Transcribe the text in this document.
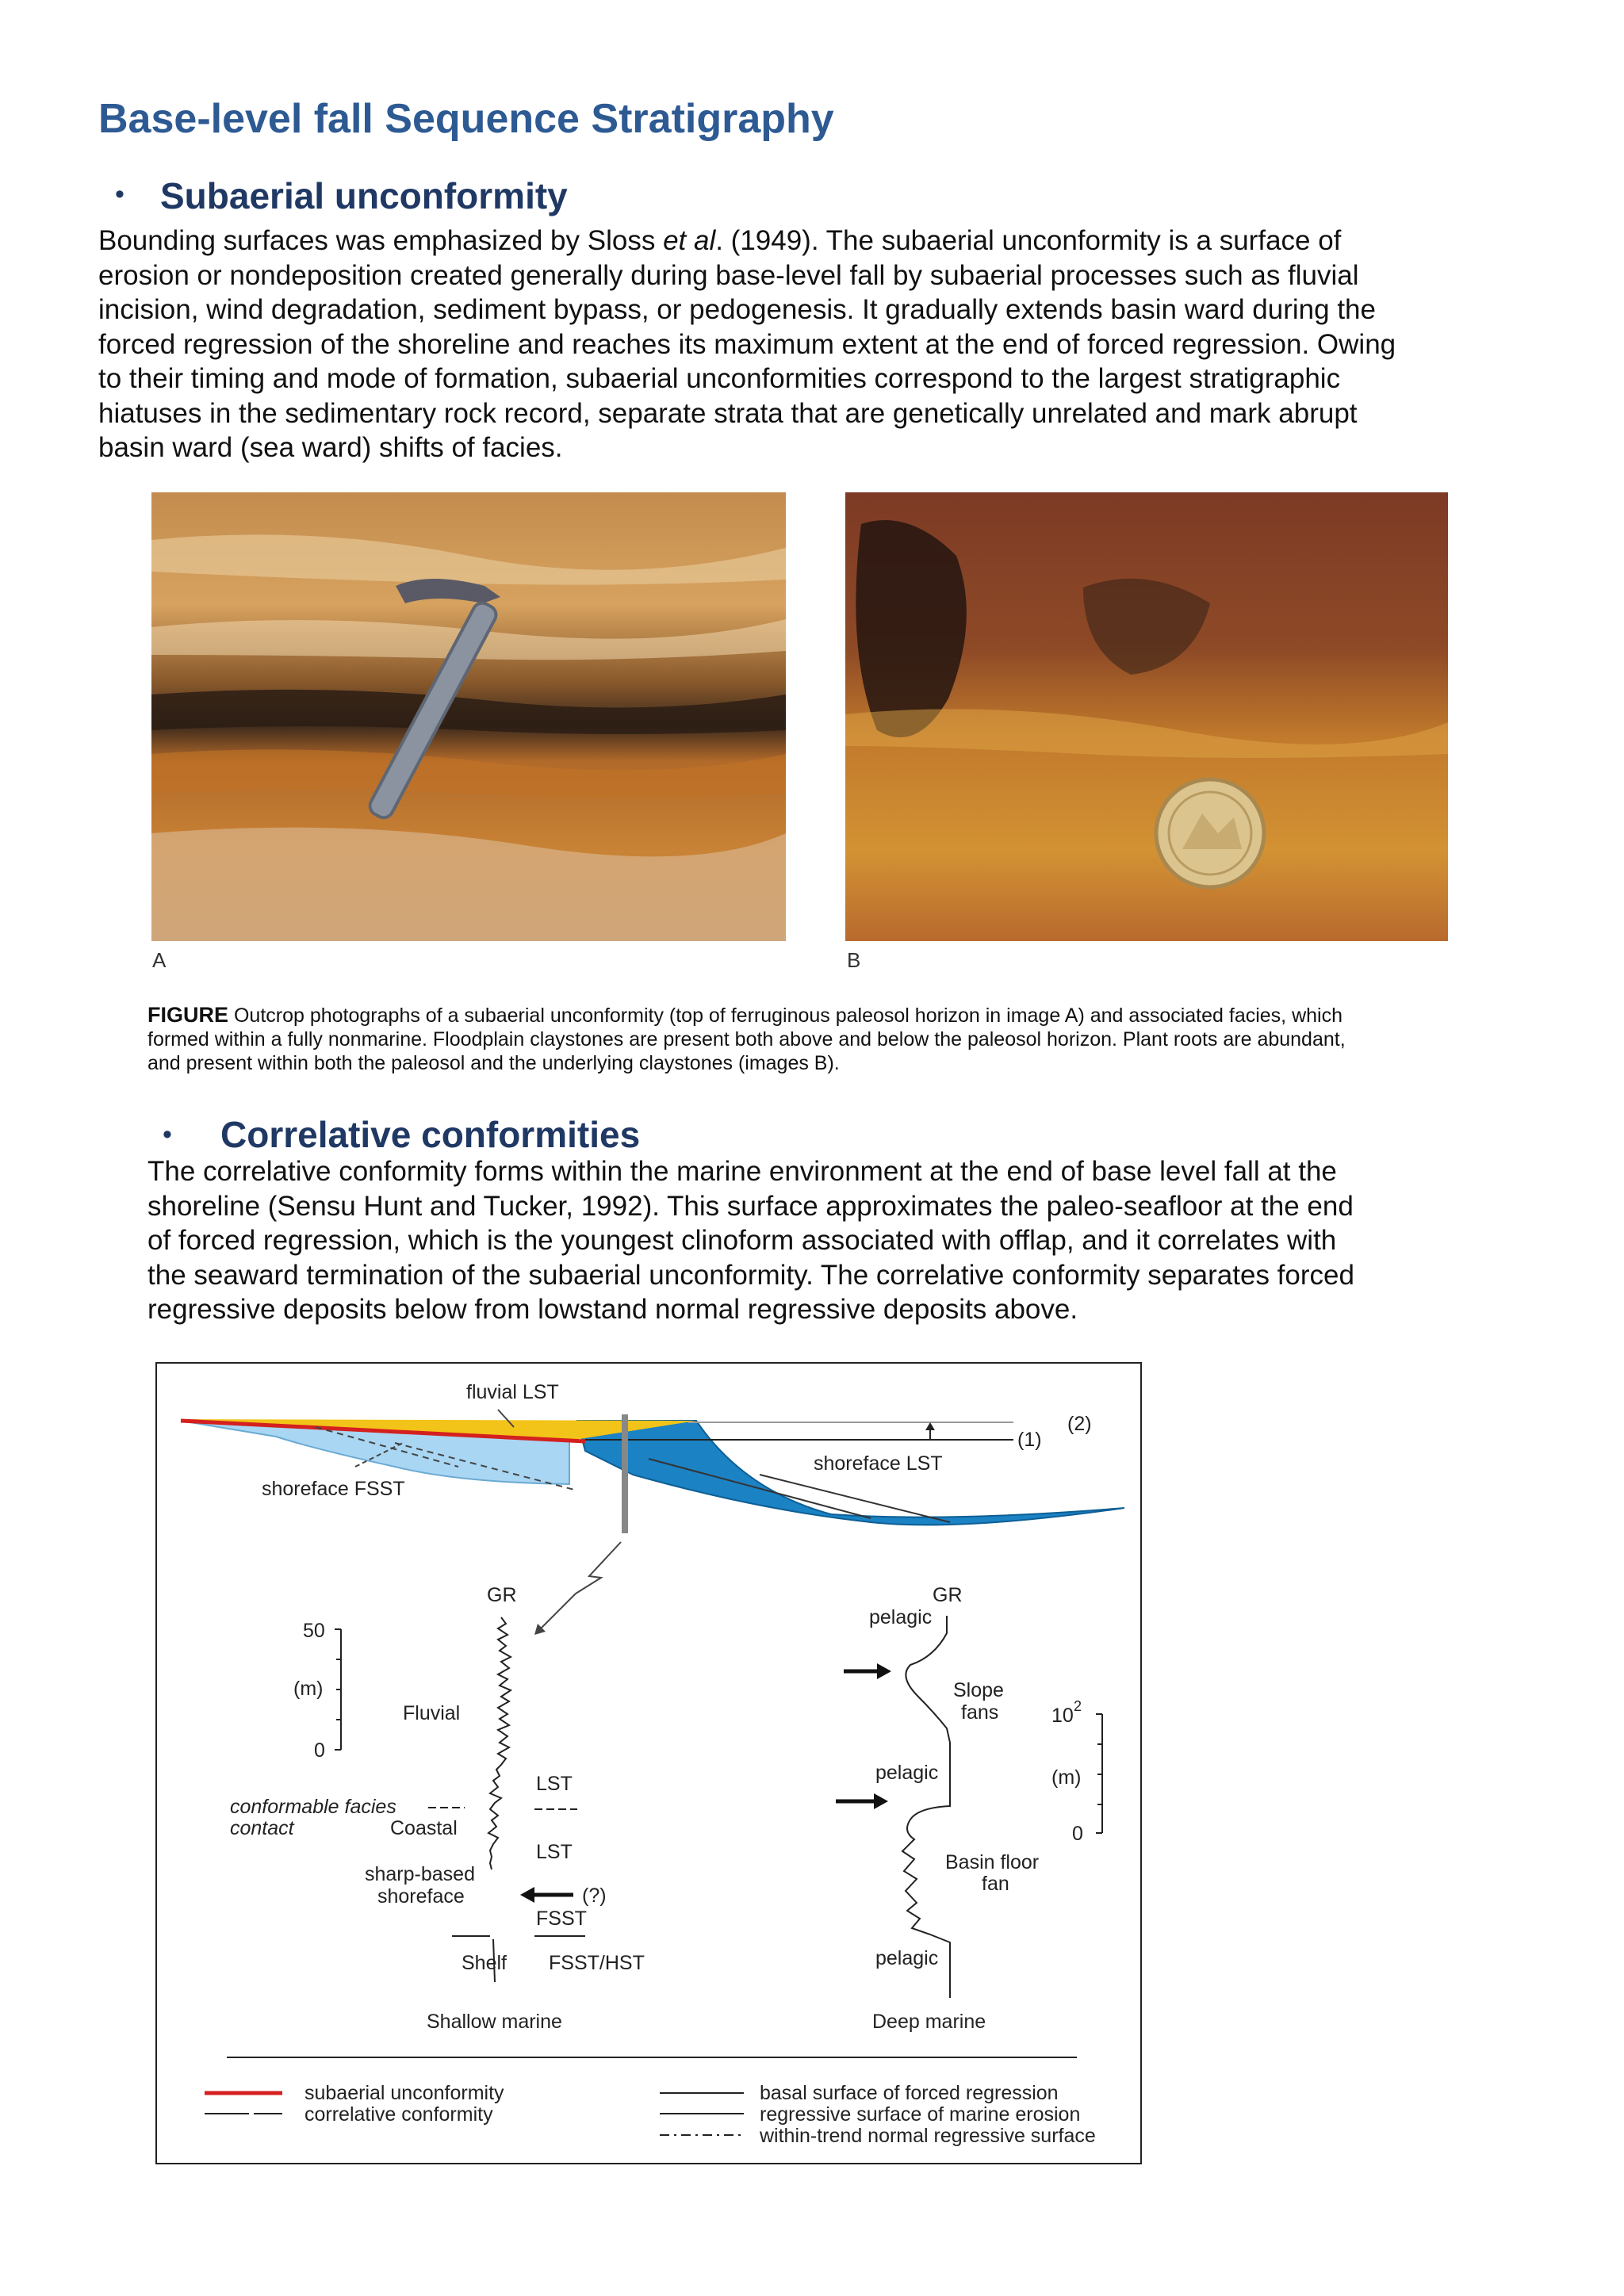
Base-level fall Sequence Stratigraphy
• Subaerial unconformity

Bounding surfaces was emphasized by Sloss et al. (1949). The subaerial unconformity is a surface of

erosion or nondeposition created generally during base-level fall by subaerial processes such as fluvial

incision, wind degradation, sediment bypass, or pedogenesis. It gradually extends basin ward during the

forced regression of the shoreline and reaches its maximum extent at the end of forced regression. Owing

to their timing and mode of formation, subaerial unconformities correspond to the largest stratigraphic

hiatuses in the sedimentary rock record, separate strata that are genetically unrelated and mark abrupt

basin ward (sea ward) shifts of facies.

A	B
FIGURE Outcrop photographs of a subaerial unconformity (top of ferruginous paleosol horizon in image A) and associated facies, which
formed within a fully nonmarine. Floodplain claystones are present both above and below the paleosol horizon. Plant roots are abundant,
and present within both the paleosol and the underlying claystones (images B).
• Correlative conformities

The correlative conformity forms within the marine environment at the end of base level fall at the

shoreline (Sensu Hunt and Tucker, 1992). This surface approximates the paleo-seafloor at the end

of forced regression, which is the youngest clinoform associated with offlap, and it correlates with

the seaward termination of the subaerial unconformity. The correlative conformity separates forced

regressive deposits below from lowstand normal regressive deposits above.

fluvial LST
shoreface LST
shoreface FSST
(1)
(2)
50
(m)
0
GR
Fluvial
LST
conformable facies
contact	Coastal
LST
sharp-based
shoreface	(?)
FSST
Shelf FSST/HST
Shallow marine
GR
pelagic
Slope
fans
pelagic
Basin floor
fan
pelagic
Deep marine
10 2
(m)
0
subaerial unconformity
correlative conformity
basal surface of forced regression
regressive surface of marine erosion
within-trend normal regressive surface
